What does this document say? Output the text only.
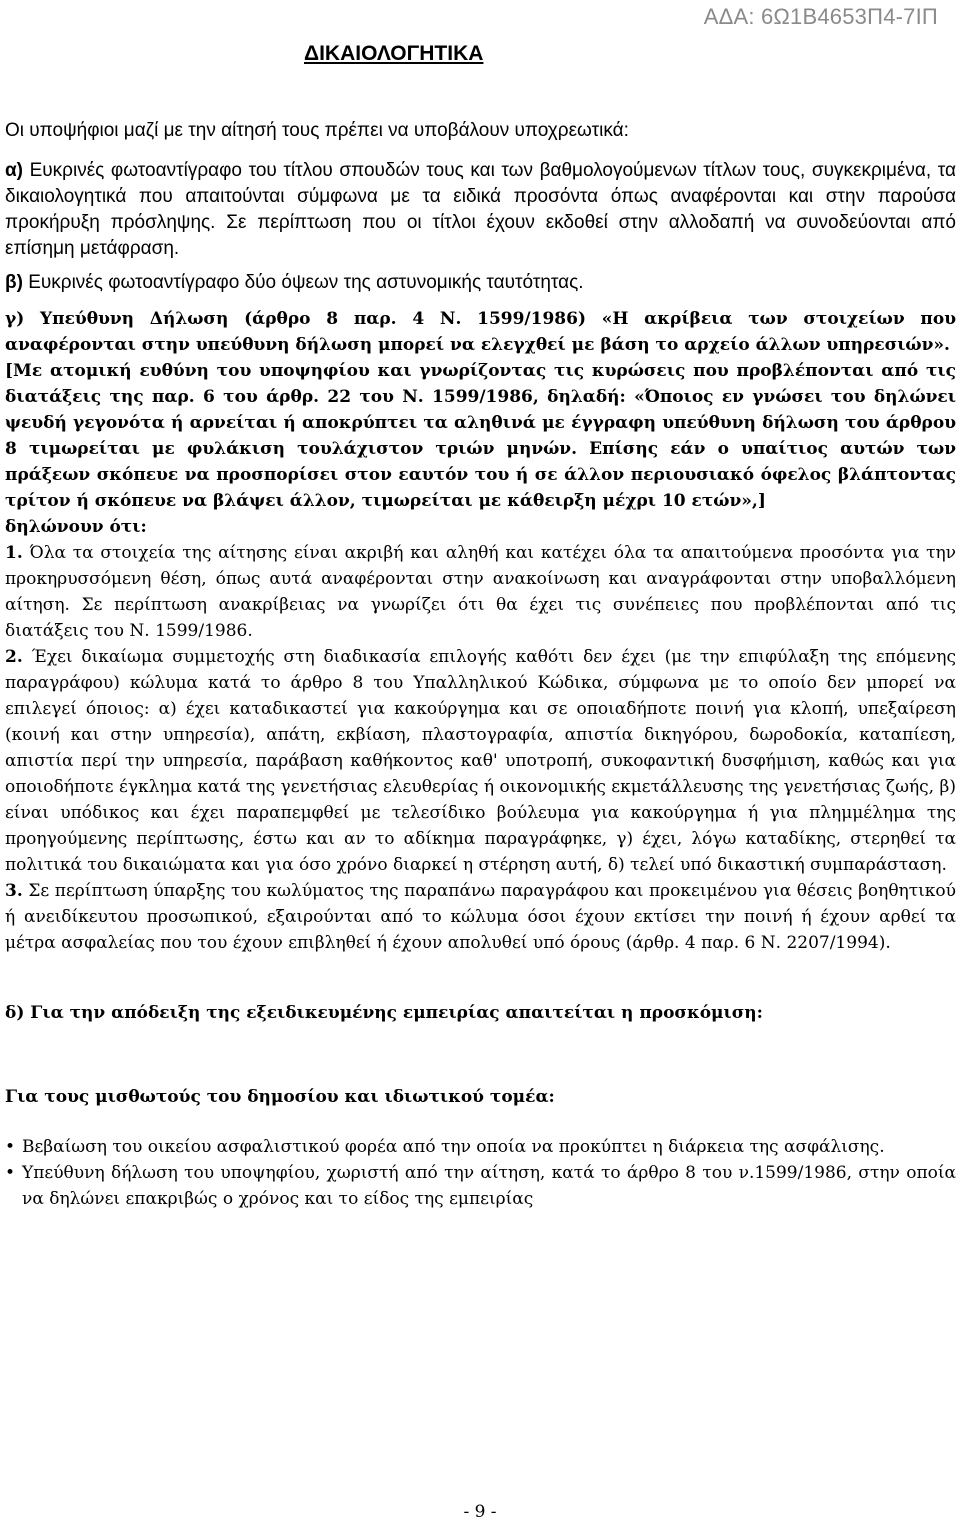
ΑΔΑ: 6Ω1Β4653Π4-7ΙΠ
ΔΙΚΑΙΟΛΟΓΗΤΙΚΑ

Οι υποψήφιοι μαζί με την αίτησή τους πρέπει να υποβάλουν υποχρεωτικά:

α) Ευκρινές φωτοαντίγραφο του τίτλου σπουδών τους και των βαθμολογούμενων τίτλων τους, συγκεκριμένα, τα δικαιολογητικά που απαιτούνται σύμφωνα με τα ειδικά προσόντα όπως αναφέρονται και στην παρούσα προκήρυξη πρόσληψης. Σε περίπτωση που οι τίτλοι έχουν εκδοθεί στην αλλοδαπή να συνοδεύονται από επίσημη μετάφραση.

β) Ευκρινές φωτοαντίγραφο δύο όψεων της αστυνομικής ταυτότητας.

γ) Υπεύθυνη Δήλωση (άρθρο 8 παρ. 4 Ν. 1599/1986) «Η ακρίβεια των στοιχείων που αναφέρονται στην υπεύθυνη δήλωση μπορεί να ελεγχθεί με βάση το αρχείο άλλων υπηρεσιών».

[Με ατομική ευθύνη του υποψηφίου και γνωρίζοντας τις κυρώσεις που προβλέπονται από τις διατάξεις της παρ. 6 του άρθρ. 22 του Ν. 1599/1986, δηλαδή: «Όποιος εν γνώσει του δηλώνει ψευδή γεγονότα ή αρνείται ή αποκρύπτει τα αληθινά με έγγραφη υπεύθυνη δήλωση του άρθρου 8 τιμωρείται με φυλάκιση τουλάχιστον τριών μηνών. Επίσης εάν ο υπαίτιος αυτών των πράξεων σκόπευε να προσπορίσει στον εαυτόν του ή σε άλλον περιουσιακό όφελος βλάπτοντας τρίτον ή σκόπευε να βλάψει άλλον, τιμωρείται με κάθειρξη μέχρι 10 ετών»,]

δηλώνουν ότι:

1. Όλα τα στοιχεία της αίτησης είναι ακριβή και αληθή και κατέχει όλα τα απαιτούμενα προσόντα για την προκηρυσσόμενη θέση, όπως αυτά αναφέρονται στην ανακοίνωση και αναγράφονται στην υποβαλλόμενη αίτηση. Σε περίπτωση ανακρίβειας να γνωρίζει ότι θα έχει τις συνέπειες που προβλέπονται από τις διατάξεις του Ν. 1599/1986.

2. Έχει δικαίωμα συμμετοχής στη διαδικασία επιλογής καθότι δεν έχει (με την επιφύλαξη της επόμενης παραγράφου) κώλυμα κατά το άρθρο 8 του Υπαλληλικού Κώδικα, σύμφωνα με το οποίο δεν μπορεί να επιλεγεί όποιος: α) έχει καταδικαστεί για κακούργημα και σε οποιαδήποτε ποινή για κλοπή, υπεξαίρεση (κοινή και στην υπηρεσία), απάτη, εκβίαση, πλαστογραφία, απιστία δικηγόρου, δωροδοκία, καταπίεση, απιστία περί την υπηρεσία, παράβαση καθήκοντος καθ' υποτροπή, συκοφαντική δυσφήμιση, καθώς και για οποιοδήποτε έγκλημα κατά της γενετήσιας ελευθερίας ή οικονομικής εκμετάλλευσης της γενετήσιας ζωής, β) είναι υπόδικος και έχει παραπεμφθεί με τελεσίδικο βούλευμα για κακούργημα ή για πλημμέλημα της προηγούμενης περίπτωσης, έστω και αν το αδίκημα παραγράφηκε, γ) έχει, λόγω καταδίκης, στερηθεί τα πολιτικά του δικαιώματα και για όσο χρόνο διαρκεί η στέρηση αυτή, δ) τελεί υπό δικαστική συμπαράσταση.

3. Σε περίπτωση ύπαρξης του κωλύματος της παραπάνω παραγράφου και προκειμένου για θέσεις βοηθητικού ή ανειδίκευτου προσωπικού, εξαιρούνται από το κώλυμα όσοι έχουν εκτίσει την ποινή ή έχουν αρθεί τα μέτρα ασφαλείας που του έχουν επιβληθεί ή έχουν απολυθεί υπό όρους (άρθρ. 4 παρ. 6 Ν. 2207/1994).

δ) Για την απόδειξη της εξειδικευμένης εμπειρίας απαιτείται η προσκόμιση:

Για τους μισθωτούς του δημοσίου και ιδιωτικού τομέα:

• Βεβαίωση του οικείου ασφαλιστικού φορέα από την οποία να προκύπτει η διάρκεια της ασφάλισης.
• Υπεύθυνη δήλωση του υποψηφίου, χωριστή από την αίτηση, κατά το άρθρο 8 του ν.1599/1986, στην οποία να δηλώνει επακριβώς ο χρόνος και το είδος της εμπειρίας
- 9 -
